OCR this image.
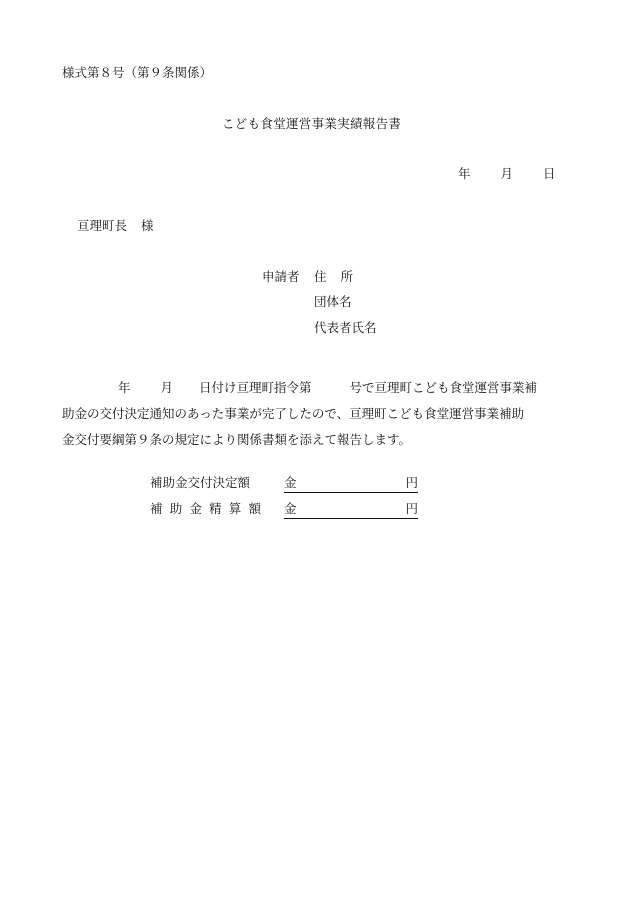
様式第８号（第９条関係）
こども食堂運営事業実績報告書
年 月 日
亘理町長 様
申請者 住 所
団体名
代表者氏名
年 月 日付け亘理町指令第	号で亘理町こども食堂運営事業補
助金の交付決定通知のあった事業が完了したので、亘理町こども食堂運営事業補助
金交付要綱第９条の規定により関係書類を添えて報告します。
補助金交付決定額	金	円
補助金精算額 金	円
